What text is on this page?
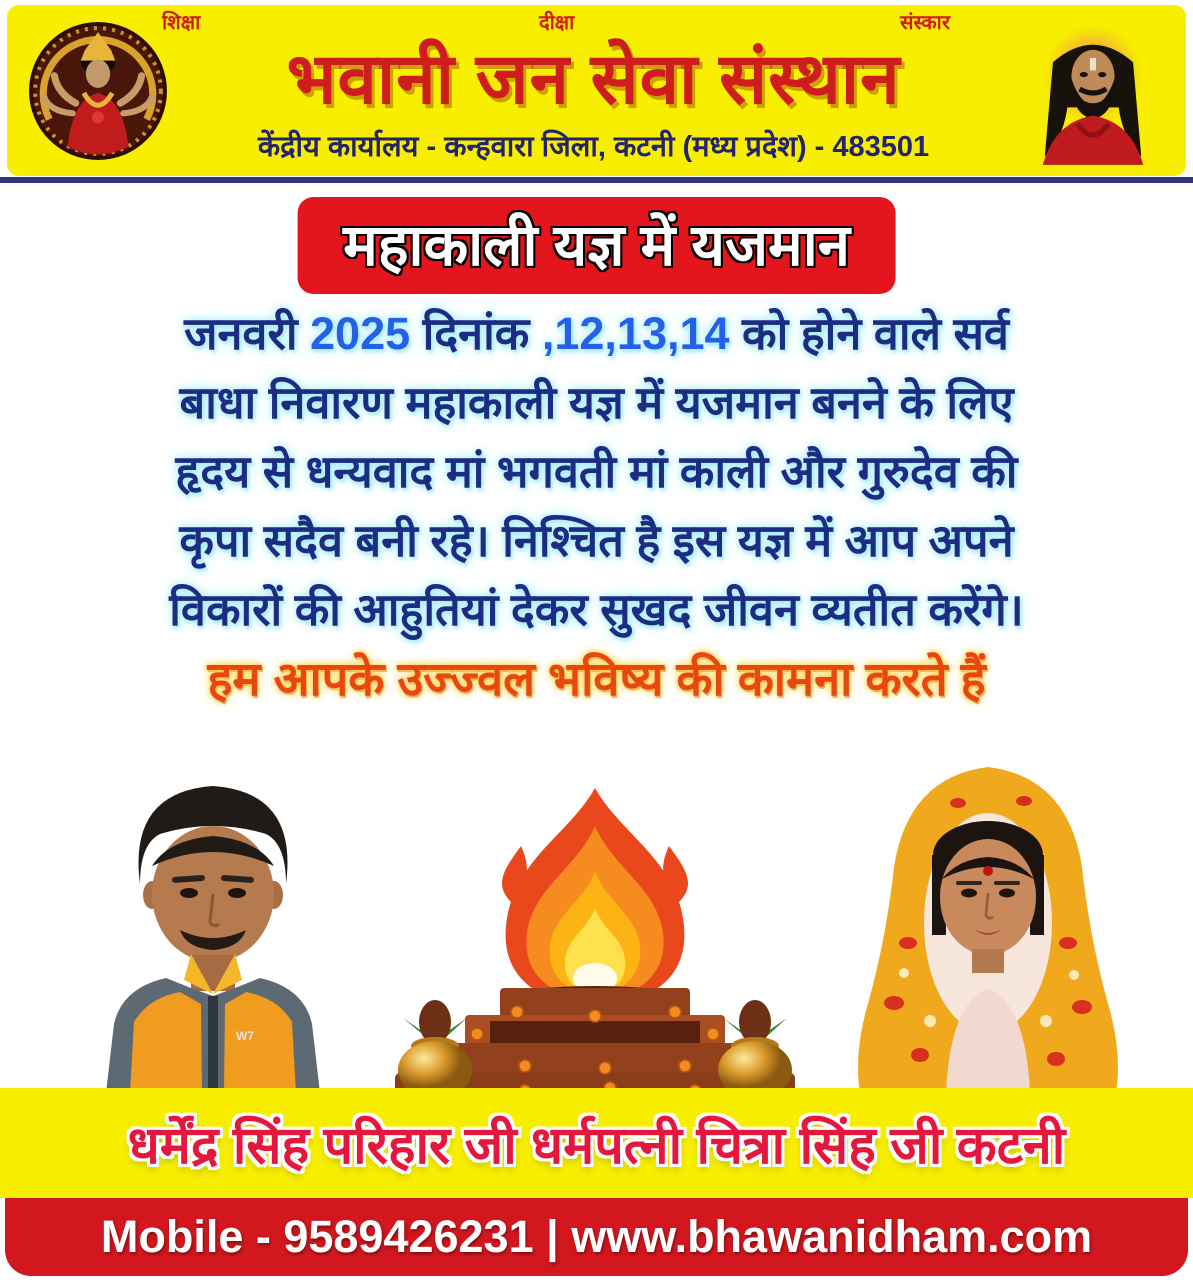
शिक्षा	दीक्षा	संस्कार
भवानी जन सेवा संस्थान
केंद्रीय कार्यालय - कन्हवारा जिला, कटनी (मध्य प्रदेश) - 483501
महाकाली यज्ञ में यजमान
जनवरी 2025 दिनांक ,12,13,14 को होने वाले सर्व
बाधा निवारण महाकाली यज्ञ में यजमान बनने के लिए
हृदय से धन्यवाद मां भगवती मां काली और गुरुदेव की
कृपा सदैव बनी रहे। निश्चित है इस यज्ञ में आप अपने
विकारों की आहुतियां देकर सुखद जीवन व्यतीत करेंगे।
हम आपके उज्ज्वल भविष्य की कामना करते हैं
W7
धर्मेंद्र सिंह परिहार जी धर्मपत्नी चित्रा सिंह जी कटनी
Mobile - 9589426231 | www.bhawanidham.com
